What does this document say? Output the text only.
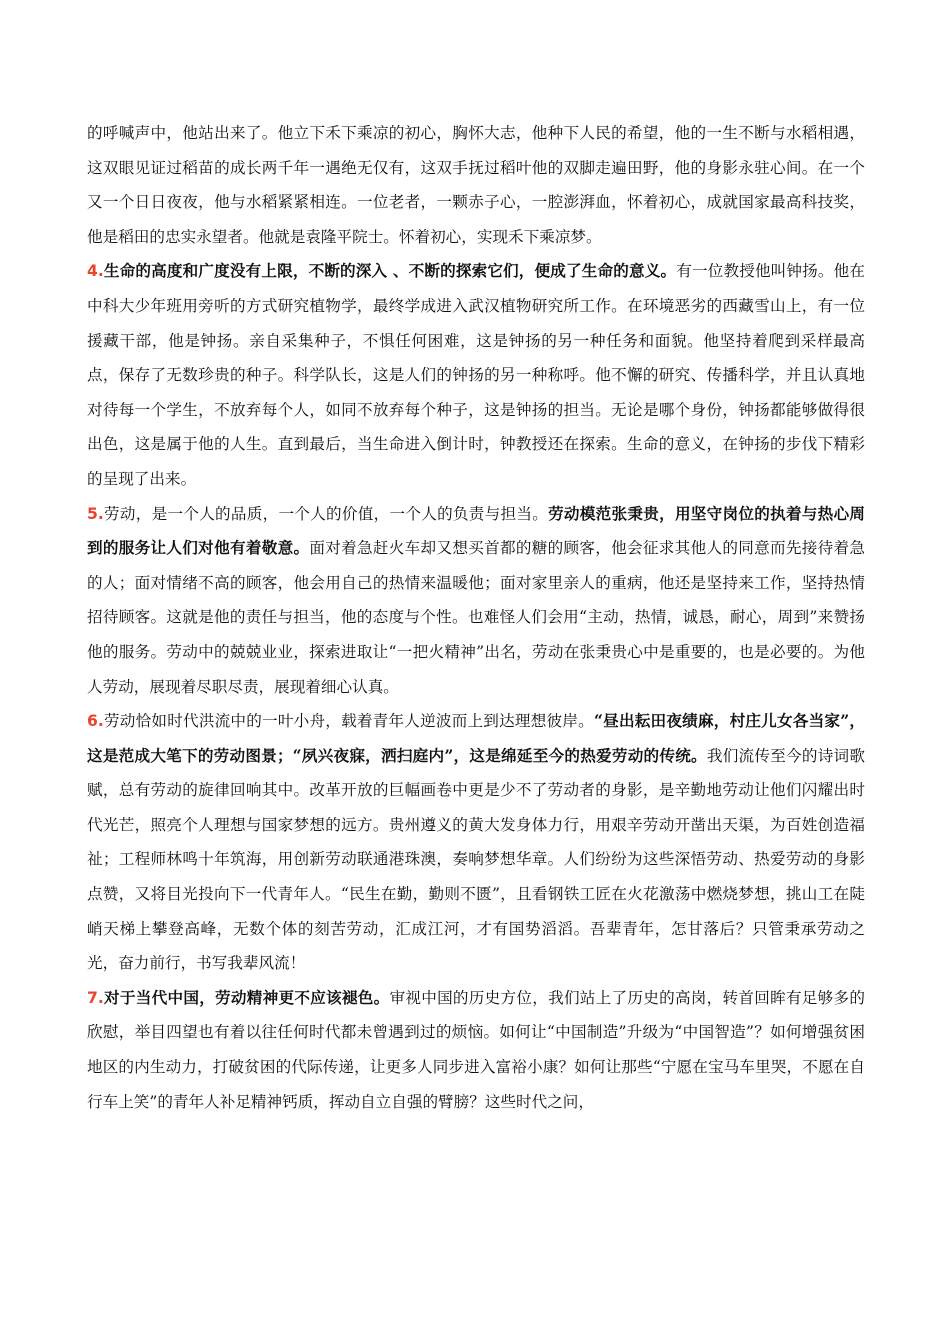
的呼喊声中，他站出来了。他立下禾下乘凉的初心，胸怀大志，他种下人民的希望，他的一生不断与水稻相遇，这双眼见证过稻苗的成长两千年一遇绝无仅有，这双手抚过稻叶他的双脚走遍田野，他的身影永驻心间。在一个又一个日日夜夜，他与水稻紧紧相连。一位老者，一颗赤子心，一腔澎湃血，怀着初心，成就国家最高科技奖，他是稻田的忠实永望者。他就是袁隆平院士。怀着初心，实现禾下乘凉梦。

4.生命的高度和广度没有上限，不断的深入 、不断的探索它们，便成了生命的意义。有一位教授他叫钟扬。他在中科大少年班用旁听的方式研究植物学，最终学成进入武汉植物研究所工作。在环境恶劣的西藏雪山上，有一位援藏干部，他是钟扬。亲自采集种子，不惧任何困难，这是钟扬的另一种任务和面貌。他坚持着爬到采样最高点，保存了无数珍贵的种子。科学队长，这是人们的钟扬的另一种称呼。他不懈的研究、传播科学，并且认真地对待每一个学生，不放弃每个人，如同不放弃每个种子，这是钟扬的担当。无论是哪个身份，钟扬都能够做得很出色，这是属于他的人生。直到最后，当生命进入倒计时，钟教授还在探索。生命的意义，在钟扬的步伐下精彩的呈现了出来。

5.劳动，是一个人的品质，一个人的价值，一个人的负责与担当。劳动模范张秉贵，用坚守岗位的执着与热心周到的服务让人们对他有着敬意。面对着急赶火车却又想买首都的糖的顾客，他会征求其他人的同意而先接待着急的人；面对情绪不高的顾客，他会用自己的热情来温暖他；面对家里亲人的重病，他还是坚持来工作，坚持热情招待顾客。这就是他的责任与担当，他的态度与个性。也难怪人们会用“主动，热情，诚恳，耐心，周到”来赞扬他的服务。劳动中的兢兢业业，探索进取让“一把火精神”出名，劳动在张秉贵心中是重要的，也是必要的。为他人劳动，展现着尽职尽责，展现着细心认真。

6.劳动恰如时代洪流中的一叶小舟，载着青年人逆波而上到达理想彼岸。“昼出耘田夜绩麻，村庄儿女各当家”，这是范成大笔下的劳动图景；“夙兴夜寐，洒扫庭内”，这是绵延至今的热爱劳动的传统。我们流传至今的诗词歌赋，总有劳动的旋律回响其中。改革开放的巨幅画卷中更是少不了劳动者的身影，是辛勤地劳动让他们闪耀出时代光芒，照亮个人理想与国家梦想的远方。贵州遵义的黄大发身体力行，用艰辛劳动开凿出天渠，为百姓创造福祉；工程师林鸣十年筑海，用创新劳动联通港珠澳，奏响梦想华章。人们纷纷为这些深悟劳动、热爱劳动的身影点赞，又将目光投向下一代青年人。“民生在勤，勤则不匮”，且看钢铁工匠在火花激荡中燃烧梦想，挑山工在陡峭天梯上攀登高峰，无数个体的刻苦劳动，汇成江河，才有国势滔滔。吾辈青年，怎甘落后？只管秉承劳动之光，奋力前行，书写我辈风流！

7.对于当代中国，劳动精神更不应该褪色。审视中国的历史方位，我们站上了历史的高岗，转首回眸有足够多的欣慰，举目四望也有着以往任何时代都未曾遇到过的烦恼。如何让“中国制造”升级为“中国智造”？如何增强贫困地区的内生动力，打破贫困的代际传递，让更多人同步进入富裕小康？如何让那些“宁愿在宝马车里哭，不愿在自行车上笑”的青年人补足精神钙质，挥动自立自强的臂膀？这些时代之问，
